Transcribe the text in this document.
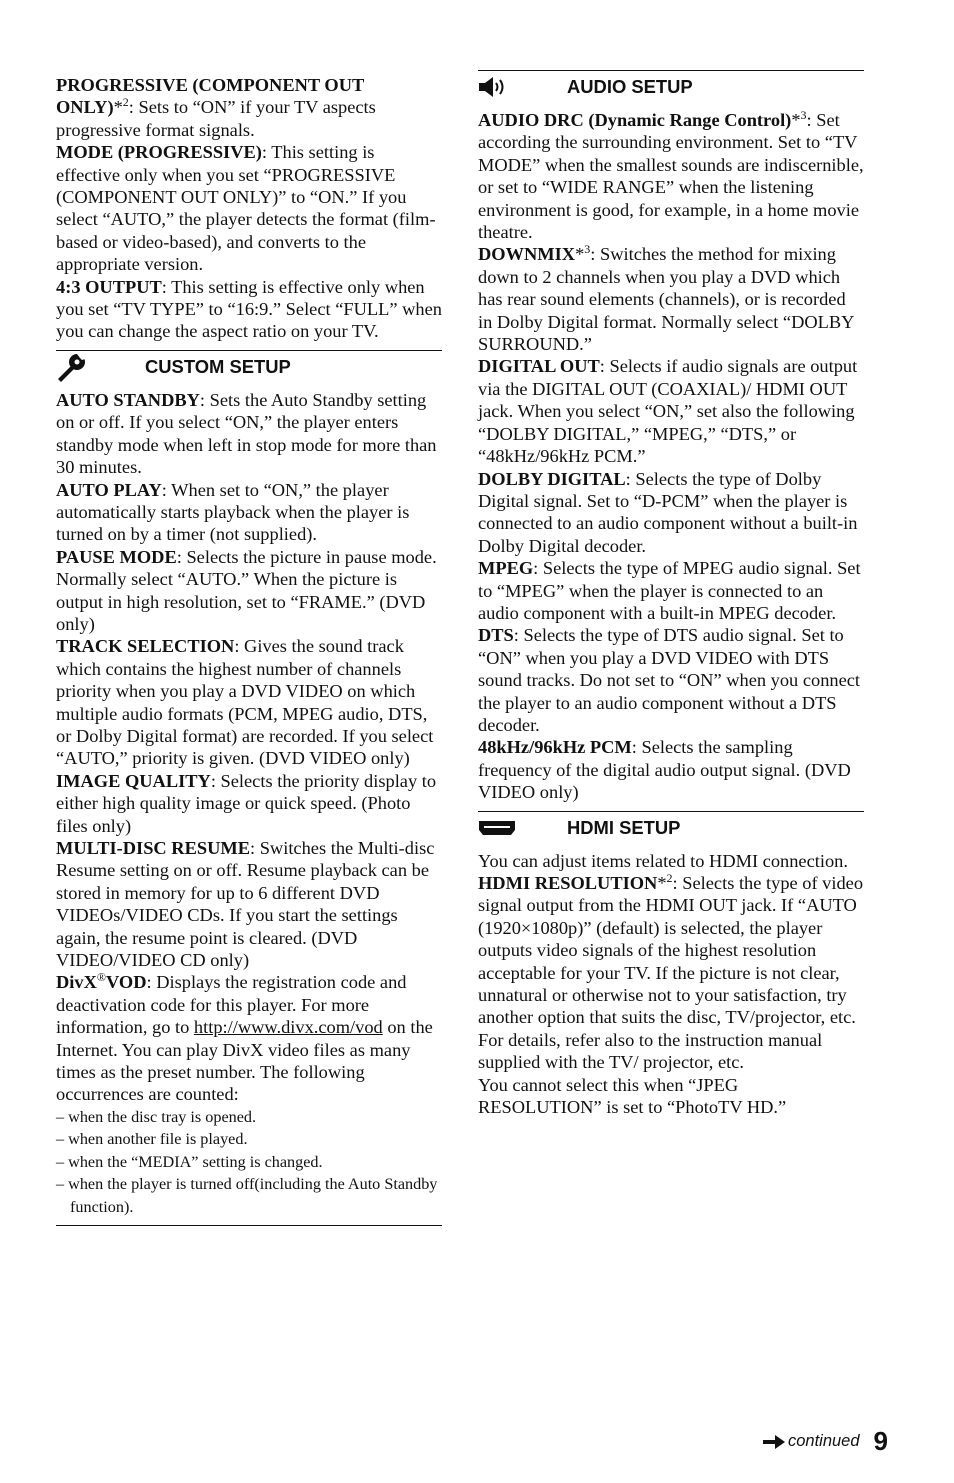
PROGRESSIVE (COMPONENT OUT ONLY)*$^2$: Sets to “ON” if your TV aspects progressive format signals.

MODE (PROGRESSIVE): This setting is effective only when you set “PROGRESSIVE (COMPONENT OUT ONLY)” to “ON.” If you select “AUTO,” the player detects the format (film-based or video-based), and converts to the appropriate version.

4:3 OUTPUT: This setting is effective only when you set “TV TYPE” to “16:9.” Select “FULL” when you can change the aspect ratio on your TV.

CUSTOM SETUP

AUTO STANDBY: Sets the Auto Standby setting on or off. If you select “ON,” the player enters standby mode when left in stop mode for more than 30 minutes.

AUTO PLAY: When set to “ON,” the player automatically starts playback when the player is turned on by a timer (not supplied).

PAUSE MODE: Selects the picture in pause mode. Normally select “AUTO.” When the picture is output in high resolution, set to “FRAME.” (DVD only)

TRACK SELECTION: Gives the sound track which contains the highest number of channels priority when you play a DVD VIDEO on which multiple audio formats (PCM, MPEG audio, DTS, or Dolby Digital format) are recorded. If you select “AUTO,” priority is given. (DVD VIDEO only)

IMAGE QUALITY: Selects the priority display to either high quality image or quick speed. (Photo files only)

MULTI-DISC RESUME: Switches the Multi-disc Resume setting on or off. Resume playback can be stored in memory for up to 6 different DVD VIDEOs/VIDEO CDs. If you start the settings again, the resume point is cleared. (DVD VIDEO/VIDEO CD only)

DivX®VOD: Displays the registration code and deactivation code for this player. For more information, go to http://www.divx.com/vod on the Internet. You can play DivX video files as many times as the preset number. The following occurrences are counted:

– when the disc tray is opened.

– when another file is played.

– when the “MEDIA” setting is changed.

– when the player is turned off(including the Auto Standby function).

AUDIO SETUP

AUDIO DRC (Dynamic Range Control)*$^3$: Set according the surrounding environment. Set to “TV MODE” when the smallest sounds are indiscernible, or set to “WIDE RANGE” when the listening environment is good, for example, in a home movie theatre.

DOWNMIX*$^3$: Switches the method for mixing down to 2 channels when you play a DVD which has rear sound elements (channels), or is recorded in Dolby Digital format. Normally select “DOLBY SURROUND.”

DIGITAL OUT: Selects if audio signals are output via the DIGITAL OUT (COAXIAL)/ HDMI OUT jack. When you select “ON,” set also the following “DOLBY DIGITAL,” “MPEG,” “DTS,” or “48kHz/96kHz PCM.”

DOLBY DIGITAL: Selects the type of Dolby Digital signal. Set to “D-PCM” when the player is connected to an audio component without a built-in Dolby Digital decoder.

MPEG: Selects the type of MPEG audio signal. Set to “MPEG” when the player is connected to an audio component with a built-in MPEG decoder.

DTS: Selects the type of DTS audio signal. Set to “ON” when you play a DVD VIDEO with DTS sound tracks. Do not set to “ON” when you connect the player to an audio component without a DTS decoder.

48kHz/96kHz PCM: Selects the sampling frequency of the digital audio output signal. (DVD VIDEO only)

HDMI SETUP

You can adjust items related to HDMI connection.

HDMI RESOLUTION*$^2$: Selects the type of video signal output from the HDMI OUT jack. If “AUTO (1920×1080p)” (default) is selected, the player outputs video signals of the highest resolution acceptable for your TV. If the picture is not clear, unnatural or otherwise not to your satisfaction, try another option that suits the disc, TV/projector, etc. For details, refer also to the instruction manual supplied with the TV/ projector, etc.

You cannot select this when “JPEG RESOLUTION” is set to “PhotoTV HD.”

continued 9
